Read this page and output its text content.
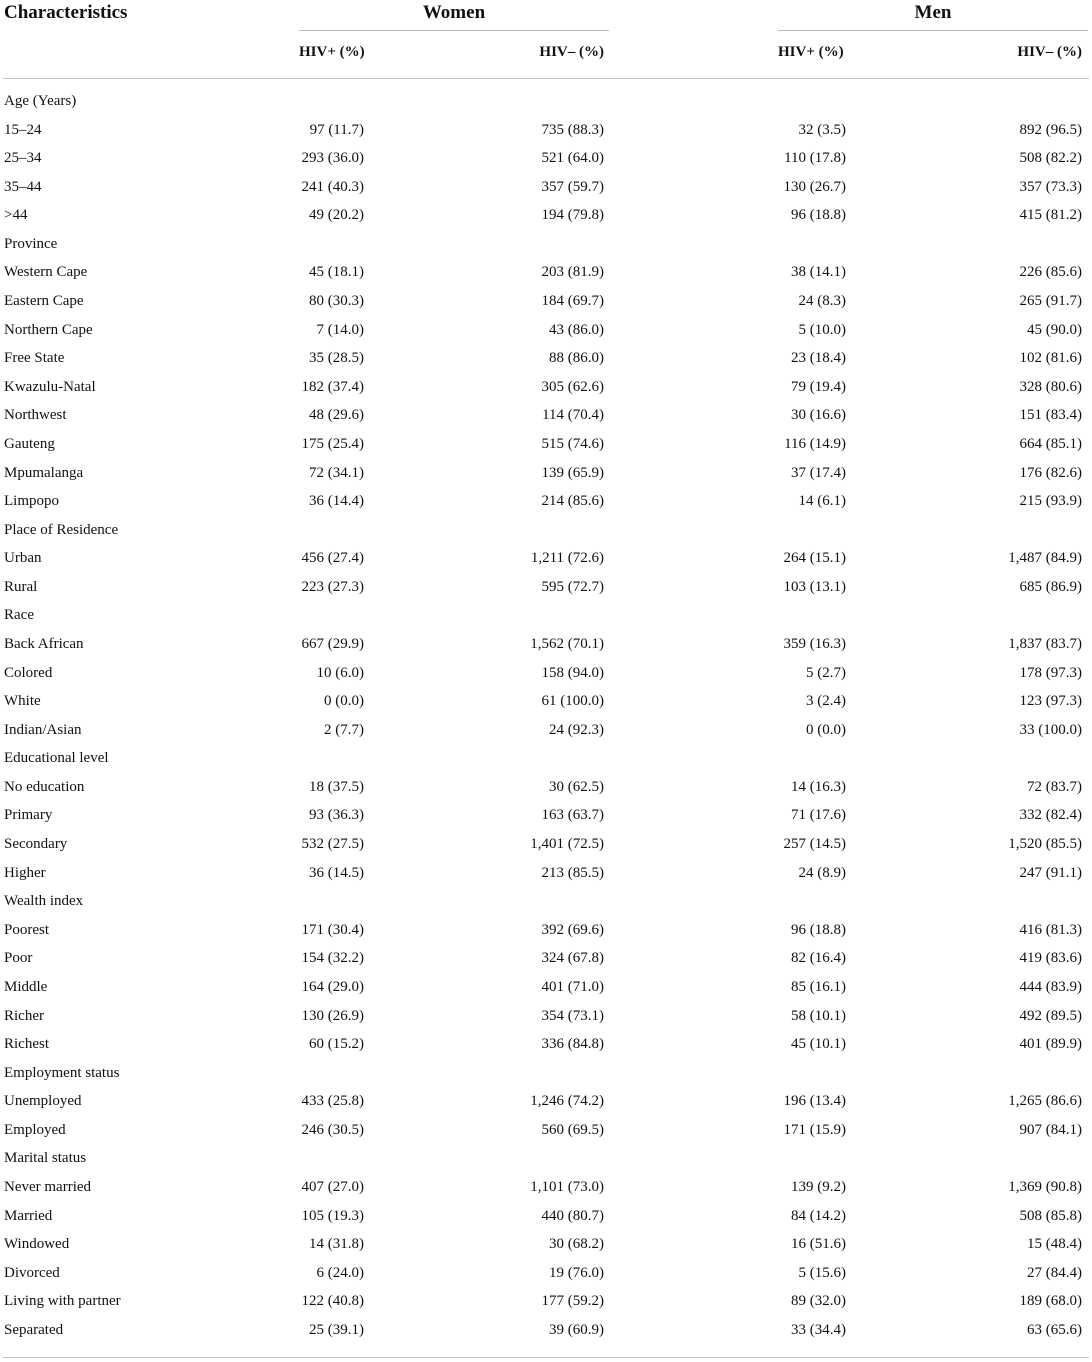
Characteristics	Women	Men
HIV+ (%)	HIV– (%)	HIV+ (%)	HIV– (%)
Age (Years)
15–24	97 (11.7)	735 (88.3)	32 (3.5)	892 (96.5)
25–34	293 (36.0)	521 (64.0)	110 (17.8)	508 (82.2)
35–44	241 (40.3)	357 (59.7)	130 (26.7)	357 (73.3)
>44	49 (20.2)	194 (79.8)	96 (18.8)	415 (81.2)
Province
Western Cape	45 (18.1)	203 (81.9)	38 (14.1)	226 (85.6)
Eastern Cape	80 (30.3)	184 (69.7)	24 (8.3)	265 (91.7)
Northern Cape	7 (14.0)	43 (86.0)	5 (10.0)	45 (90.0)
Free State	35 (28.5)	88 (86.0)	23 (18.4)	102 (81.6)
Kwazulu-Natal	182 (37.4)	305 (62.6)	79 (19.4)	328 (80.6)
Northwest	48 (29.6)	114 (70.4)	30 (16.6)	151 (83.4)
Gauteng	175 (25.4)	515 (74.6)	116 (14.9)	664 (85.1)
Mpumalanga	72 (34.1)	139 (65.9)	37 (17.4)	176 (82.6)
Limpopo	36 (14.4)	214 (85.6)	14 (6.1)	215 (93.9)
Place of Residence
Urban	456 (27.4)	1,211 (72.6)	264 (15.1)	1,487 (84.9)
Rural	223 (27.3)	595 (72.7)	103 (13.1)	685 (86.9)
Race
Back African	667 (29.9)	1,562 (70.1)	359 (16.3)	1,837 (83.7)
Colored	10 (6.0)	158 (94.0)	5 (2.7)	178 (97.3)
White	0 (0.0)	61 (100.0)	3 (2.4)	123 (97.3)
Indian/Asian	2 (7.7)	24 (92.3)	0 (0.0)	33 (100.0)
Educational level
No education	18 (37.5)	30 (62.5)	14 (16.3)	72 (83.7)
Primary	93 (36.3)	163 (63.7)	71 (17.6)	332 (82.4)
Secondary	532 (27.5)	1,401 (72.5)	257 (14.5)	1,520 (85.5)
Higher	36 (14.5)	213 (85.5)	24 (8.9)	247 (91.1)
Wealth index
Poorest	171 (30.4)	392 (69.6)	96 (18.8)	416 (81.3)
Poor	154 (32.2)	324 (67.8)	82 (16.4)	419 (83.6)
Middle	164 (29.0)	401 (71.0)	85 (16.1)	444 (83.9)
Richer	130 (26.9)	354 (73.1)	58 (10.1)	492 (89.5)
Richest	60 (15.2)	336 (84.8)	45 (10.1)	401 (89.9)
Employment status
Unemployed	433 (25.8)	1,246 (74.2)	196 (13.4)	1,265 (86.6)
Employed	246 (30.5)	560 (69.5)	171 (15.9)	907 (84.1)
Marital status
Never married	407 (27.0)	1,101 (73.0)	139 (9.2)	1,369 (90.8)
Married	105 (19.3)	440 (80.7)	84 (14.2)	508 (85.8)
Windowed	14 (31.8)	30 (68.2)	16 (51.6)	15 (48.4)
Divorced	6 (24.0)	19 (76.0)	5 (15.6)	27 (84.4)
Living with partner	122 (40.8)	177 (59.2)	89 (32.0)	189 (68.0)
Separated	25 (39.1)	39 (60.9)	33 (34.4)	63 (65.6)
